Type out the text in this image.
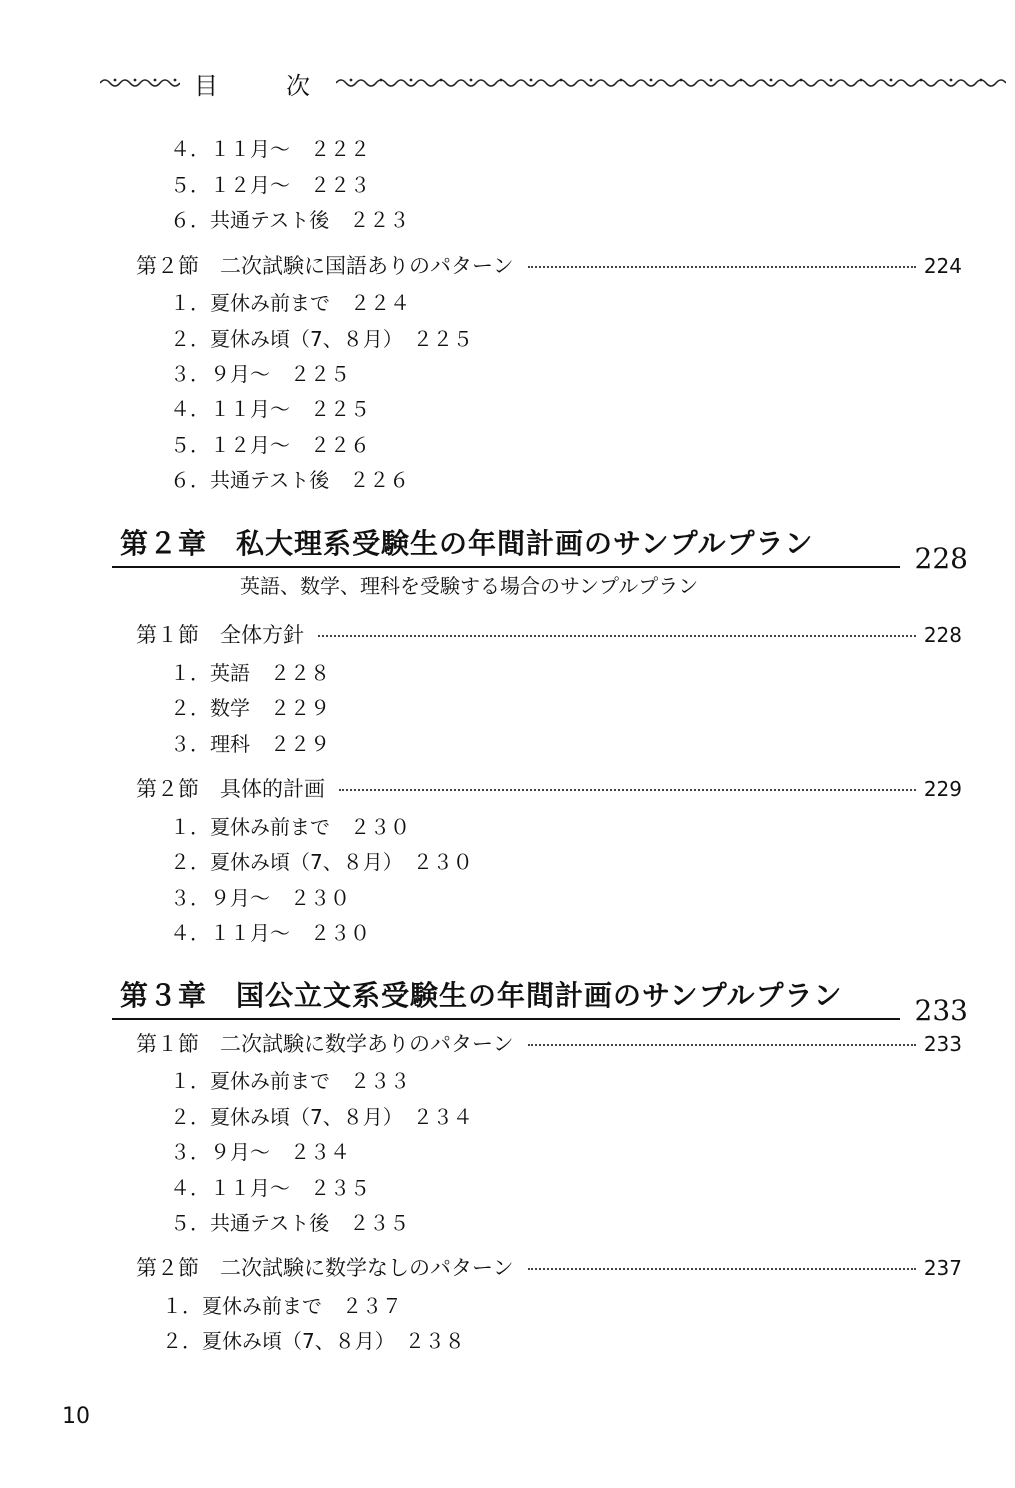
目　次
４．１１月～　２２２
５．１２月～　２２３
６．共通テスト後　２２３
第２節　二次試験に国語ありのパターン	224
１．夏休み前まで　２２４
２．夏休み頃（7、８月）　２２５
３．９月～　２２５
４．１１月～　２２５
５．１２月～　２２６
６．共通テスト後　２２６
第２章　私大理系受験生の年間計画のサンプルプラン	228
英語、数学、理科を受験する場合のサンプルプラン
第１節　全体方針	228
１．英語　２２８
２．数学　２２９
３．理科　２２９
第２節　具体的計画	229
１．夏休み前まで　２３０
２．夏休み頃（7、８月）　２３０
３．９月～　２３０
４．１１月～　２３０
第３章　国公立文系受験生の年間計画のサンプルプラン	233
第１節　二次試験に数学ありのパターン	233
１．夏休み前まで　２３３
２．夏休み頃（7、８月）　２３４
３．９月～　２３４
４．１１月～　２３５
５．共通テスト後　２３５
第２節　二次試験に数学なしのパターン	237
１．夏休み前まで　２３７
２．夏休み頃（7、８月）　２３８
10
